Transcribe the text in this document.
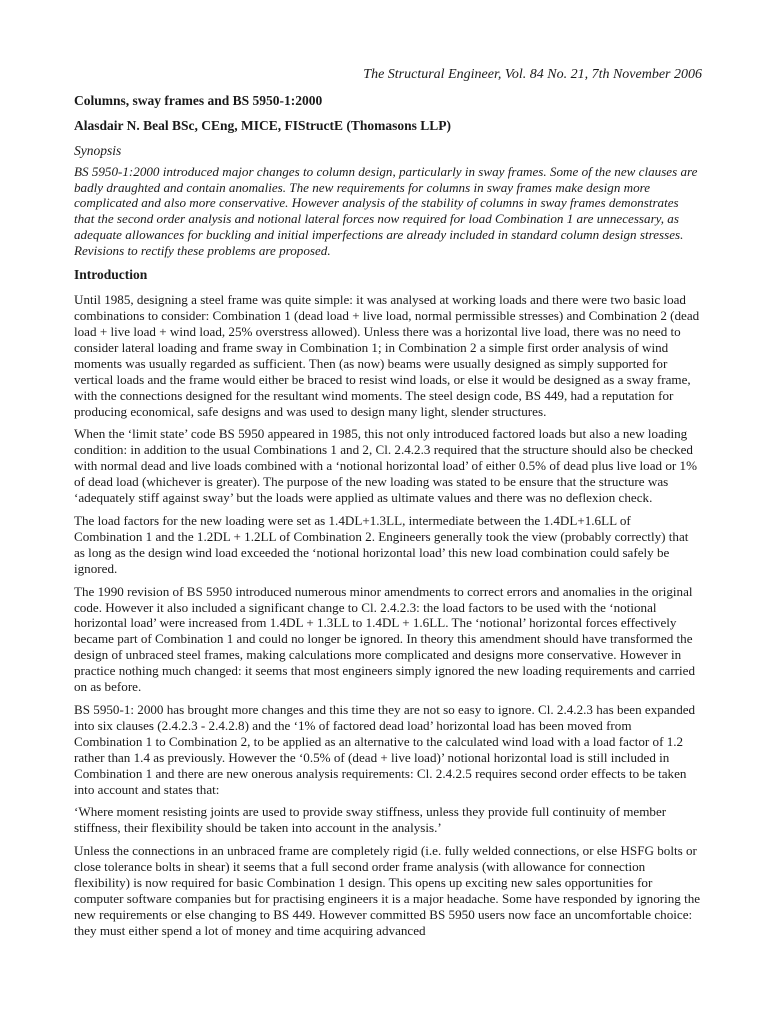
The Structural Engineer, Vol. 84 No. 21, 7th November 2006

Columns, sway frames and BS 5950-1:2000

Alasdair N. Beal BSc, CEng, MICE, FIStructE (Thomasons LLP)

Synopsis

BS 5950-1:2000 introduced major changes to column design, particularly in sway frames. Some of the new clauses are badly draughted and contain anomalies. The new requirements for columns in sway frames make design more complicated and also more conservative. However analysis of the stability of columns in sway frames demonstrates that the second order analysis and notional lateral forces now required for load Combination 1 are unnecessary, as adequate allowances for buckling and initial imperfections are already included in standard column design stresses. Revisions to rectify these problems are proposed.

Introduction

Until 1985, designing a steel frame was quite simple: it was analysed at working loads and there were two basic load combinations to consider: Combination 1 (dead load + live load, normal permissible stresses) and Combination 2 (dead load + live load + wind load, 25% overstress allowed). Unless there was a horizontal live load, there was no need to consider lateral loading and frame sway in Combination 1; in Combination 2 a simple first order analysis of wind moments was usually regarded as sufficient. Then (as now) beams were usually designed as simply supported for vertical loads and the frame would either be braced to resist wind loads, or else it would be designed as a sway frame, with the connections designed for the resultant wind moments. The steel design code, BS 449, had a reputation for producing economical, safe designs and was used to design many light, slender structures.

When the ‘limit state’ code BS 5950 appeared in 1985, this not only introduced factored loads but also a new loading condition: in addition to the usual Combinations 1 and 2, Cl. 2.4.2.3 required that the structure should also be checked with normal dead and live loads combined with a ‘notional horizontal load’ of either 0.5% of dead plus live load or 1% of dead load (whichever is greater). The purpose of the new loading was stated to be ensure that the structure was ‘adequately stiff against sway’ but the loads were applied as ultimate values and there was no deflexion check.

The load factors for the new loading were set as 1.4DL+1.3LL, intermediate between the 1.4DL+1.6LL of Combination 1 and the 1.2DL + 1.2LL of Combination 2. Engineers generally took the view (probably correctly) that as long as the design wind load exceeded the ‘notional horizontal load’ this new load combination could safely be ignored.

The 1990 revision of BS 5950 introduced numerous minor amendments to correct errors and anomalies in the original code. However it also included a significant change to Cl. 2.4.2.3: the load factors to be used with the ‘notional horizontal load’ were increased from 1.4DL + 1.3LL to 1.4DL + 1.6LL. The ‘notional’ horizontal forces effectively became part of Combination 1 and could no longer be ignored. In theory this amendment should have transformed the design of unbraced steel frames, making calculations more complicated and designs more conservative. However in practice nothing much changed: it seems that most engineers simply ignored the new loading requirements and carried on as before.

BS 5950-1: 2000 has brought more changes and this time they are not so easy to ignore. Cl. 2.4.2.3 has been expanded into six clauses (2.4.2.3 - 2.4.2.8) and the ‘1% of factored dead load’ horizontal load has been moved from Combination 1 to Combination 2, to be applied as an alternative to the calculated wind load with a load factor of 1.2 rather than 1.4 as previously. However the ‘0.5% of (dead + live load)’ notional horizontal load is still included in Combination 1 and there are new onerous analysis requirements: Cl. 2.4.2.5 requires second order effects to be taken into account and states that:

‘Where moment resisting joints are used to provide sway stiffness, unless they provide full continuity of member stiffness, their flexibility should be taken into account in the analysis.’

Unless the connections in an unbraced frame are completely rigid (i.e. fully welded connections, or else HSFG bolts or close tolerance bolts in shear) it seems that a full second order frame analysis (with allowance for connection flexibility) is now required for basic Combination 1 design. This opens up exciting new sales opportunities for computer software companies but for practising engineers it is a major headache. Some have responded by ignoring the new requirements or else changing to BS 449. However committed BS 5950 users now face an uncomfortable choice: they must either spend a lot of money and time acquiring advanced
